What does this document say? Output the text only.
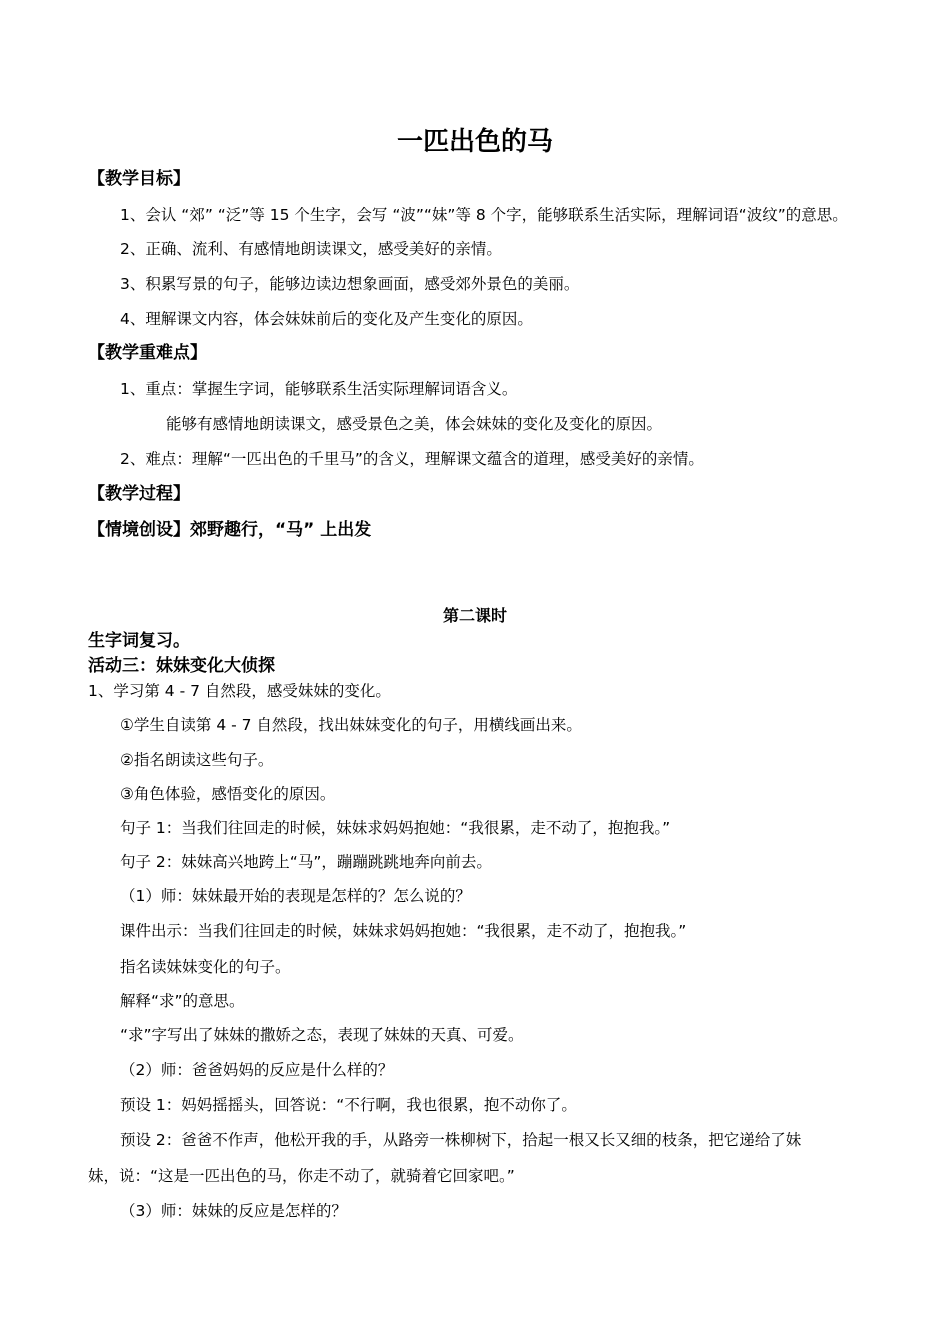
一匹出色的马
【教学目标】
1、会认 “郊” “泛”等 15 个生字，会写 “波”“妹”等 8 个字，能够联系生活实际，理解词语“波纹”的意思。
2、正确、流利、有感情地朗读课文，感受美好的亲情。
3、积累写景的句子，能够边读边想象画面，感受郊外景色的美丽。
4、理解课文内容，体会妹妹前后的变化及产生变化的原因。
【教学重难点】
1、重点：掌握生字词，能够联系生活实际理解词语含义。
能够有感情地朗读课文，感受景色之美，体会妹妹的变化及变化的原因。
2、难点：理解“一匹出色的千里马”的含义，理解课文蕴含的道理，感受美好的亲情。
【教学过程】
【情境创设】郊野趣行，“马” 上出发
第二课时
生字词复习。
活动三：妹妹变化大侦探
1、学习第 4 - 7 自然段，感受妹妹的变化。
①学生自读第 4 - 7 自然段，找出妹妹变化的句子，用横线画出来。
②指名朗读这些句子。
③角色体验，感悟变化的原因。
句子 1：当我们往回走的时候，妹妹求妈妈抱她：“我很累，走不动了，抱抱我。”
句子 2：妹妹高兴地跨上“马”，蹦蹦跳跳地奔向前去。
（1）师：妹妹最开始的表现是怎样的？怎么说的？
课件出示：当我们往回走的时候，妹妹求妈妈抱她：“我很累，走不动了，抱抱我。”
指名读妹妹变化的句子。
解释“求”的意思。
“求”字写出了妹妹的撒娇之态，表现了妹妹的天真、可爱。
（2）师：爸爸妈妈的反应是什么样的？
预设 1：妈妈摇摇头，回答说：“不行啊，我也很累，抱不动你了。
预设 2：爸爸不作声，他松开我的手，从路旁一株柳树下，拾起一根又长又细的枝条，把它递给了妹
妹，说：“这是一匹出色的马，你走不动了，就骑着它回家吧。”
（3）师：妹妹的反应是怎样的？
